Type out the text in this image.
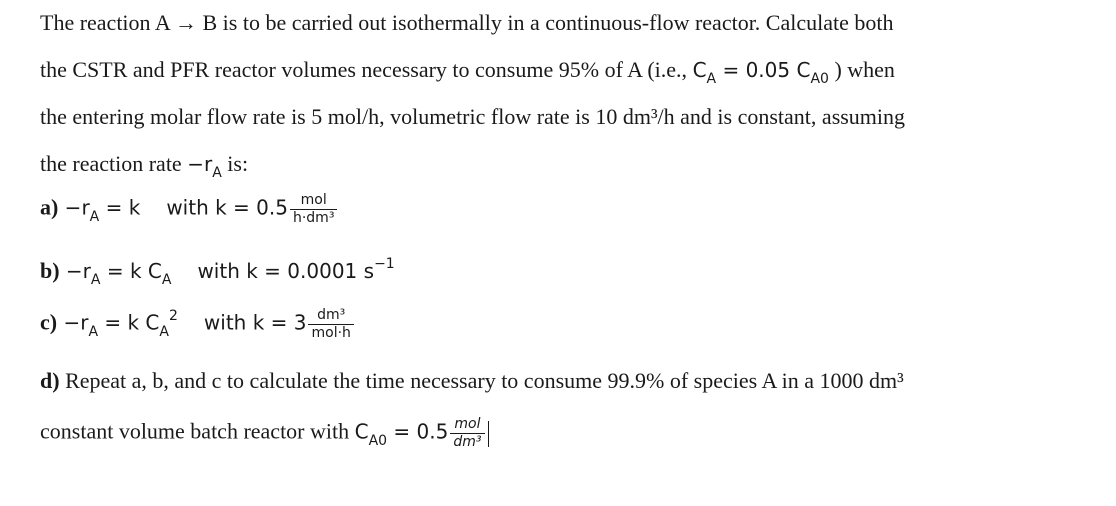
The reaction A → B is to be carried out isothermally in a continuous-flow reactor. Calculate both
the CSTR and PFR reactor volumes necessary to consume 95% of A (i.e., $C_A = 0.05$ $C_{A0}$ ) when
the entering molar flow rate is 5 mol/h, volumetric flow rate is 10 dm³/h and is constant, assuming
the reaction rate $-r_A$ is:
$a) -r_A = k$ with $k = 0.5 \frac{\text{mol}}{\text{h·dm³}}$
$b) -r_A = k$ $C_A$ with k = 0.0001 $s^{-1}$
$c) -r_A = k$ $C_A^2$ with $k = 3 \frac{\text{dm³}}{\text{mol·h}}$
d) Repeat a, b, and c to calculate the time necessary to consume 99.9% of species A in a 1000 dm³
constant volume batch reactor with $C_{A0} = 0.5 \frac{\text{mol}}{\text{dm³}}$
